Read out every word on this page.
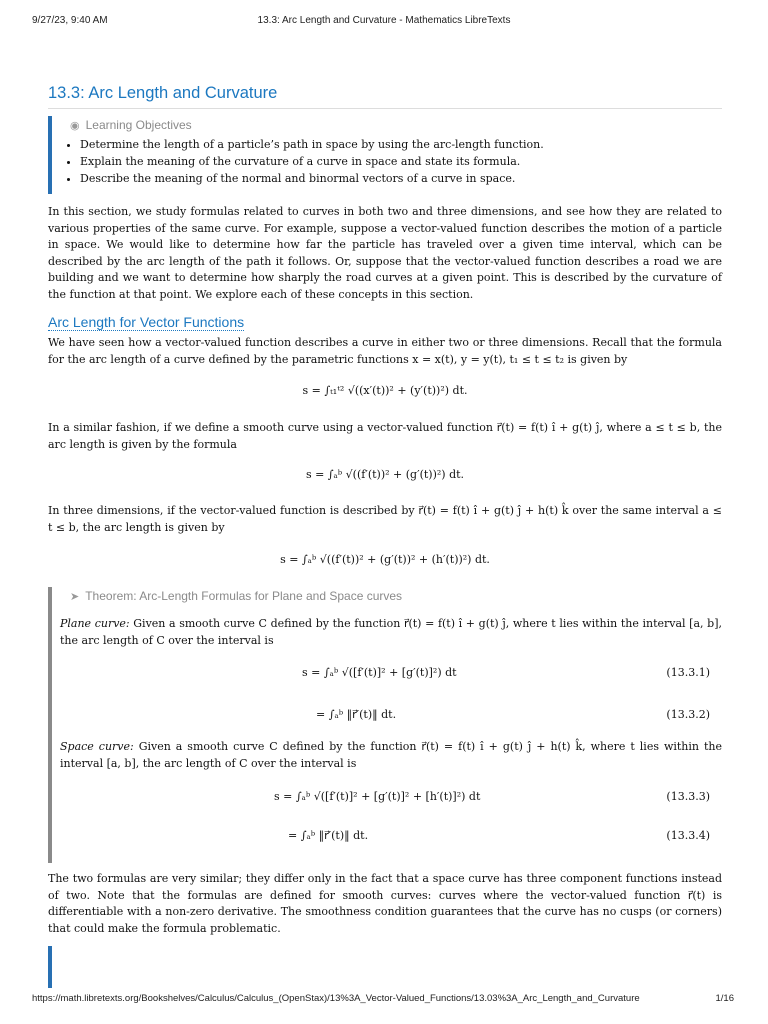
9/27/23, 9:40 AM	13.3: Arc Length and Curvature - Mathematics LibreTexts
13.3: Arc Length and Curvature
◉ Learning Objectives
• Determine the length of a particle’s path in space by using the arc-length function.
• Explain the meaning of the curvature of a curve in space and state its formula.
• Describe the meaning of the normal and binormal vectors of a curve in space.
In this section, we study formulas related to curves in both two and three dimensions, and see how they are related to various properties of the same curve. For example, suppose a vector-valued function describes the motion of a particle in space. We would like to determine how far the particle has traveled over a given time interval, which can be described by the arc length of the path it follows. Or, suppose that the vector-valued function describes a road we are building and we want to determine how sharply the road curves at a given point. This is described by the curvature of the function at that point. We explore each of these concepts in this section.
Arc Length for Vector Functions
We have seen how a vector-valued function describes a curve in either two or three dimensions. Recall that the formula for the arc length of a curve defined by the parametric functions x = x(t), y = y(t), t₁ ≤ t ≤ t₂ is given by
s = ∫ₜ₁ᵗ² √((x′(t))² + (y′(t))²) dt.
In a similar fashion, if we define a smooth curve using a vector-valued function r⃗(t) = f(t) î + g(t) ĵ, where a ≤ t ≤ b, the arc length is given by the formula
s = ∫ₐᵇ √((f′(t))² + (g′(t))²) dt.
In three dimensions, if the vector-valued function is described by r⃗(t) = f(t) î + g(t) ĵ + h(t) k̂ over the same interval a ≤ t ≤ b, the arc length is given by
s = ∫ₐᵇ √((f′(t))² + (g′(t))² + (h′(t))²) dt.
➤ Theorem: Arc-Length Formulas for Plane and Space curves
Plane curve: Given a smooth curve C defined by the function r⃗(t) = f(t) î + g(t) ĵ, where t lies within the interval [a, b], the arc length of C over the interval is
s = ∫ₐᵇ √([f′(t)]² + [g′(t)]²) dt	(13.3.1)
= ∫ₐᵇ ‖r⃗′(t)‖ dt.	(13.3.2)
Space curve: Given a smooth curve C defined by the function r⃗(t) = f(t) î + g(t) ĵ + h(t) k̂, where t lies within the interval [a, b], the arc length of C over the interval is
s = ∫ₐᵇ √([f′(t)]² + [g′(t)]² + [h′(t)]²) dt	(13.3.3)
= ∫ₐᵇ ‖r⃗′(t)‖ dt.	(13.3.4)
The two formulas are very similar; they differ only in the fact that a space curve has three component functions instead of two. Note that the formulas are defined for smooth curves: curves where the vector-valued function r⃗(t) is differentiable with a non-zero derivative. The smoothness condition guarantees that the curve has no cusps (or corners) that could make the formula problematic.
https://math.libretexts.org/Bookshelves/Calculus/Calculus_(OpenStax)/13%3A_Vector-Valued_Functions/13.03%3A_Arc_Length_and_Curvature	1/16
